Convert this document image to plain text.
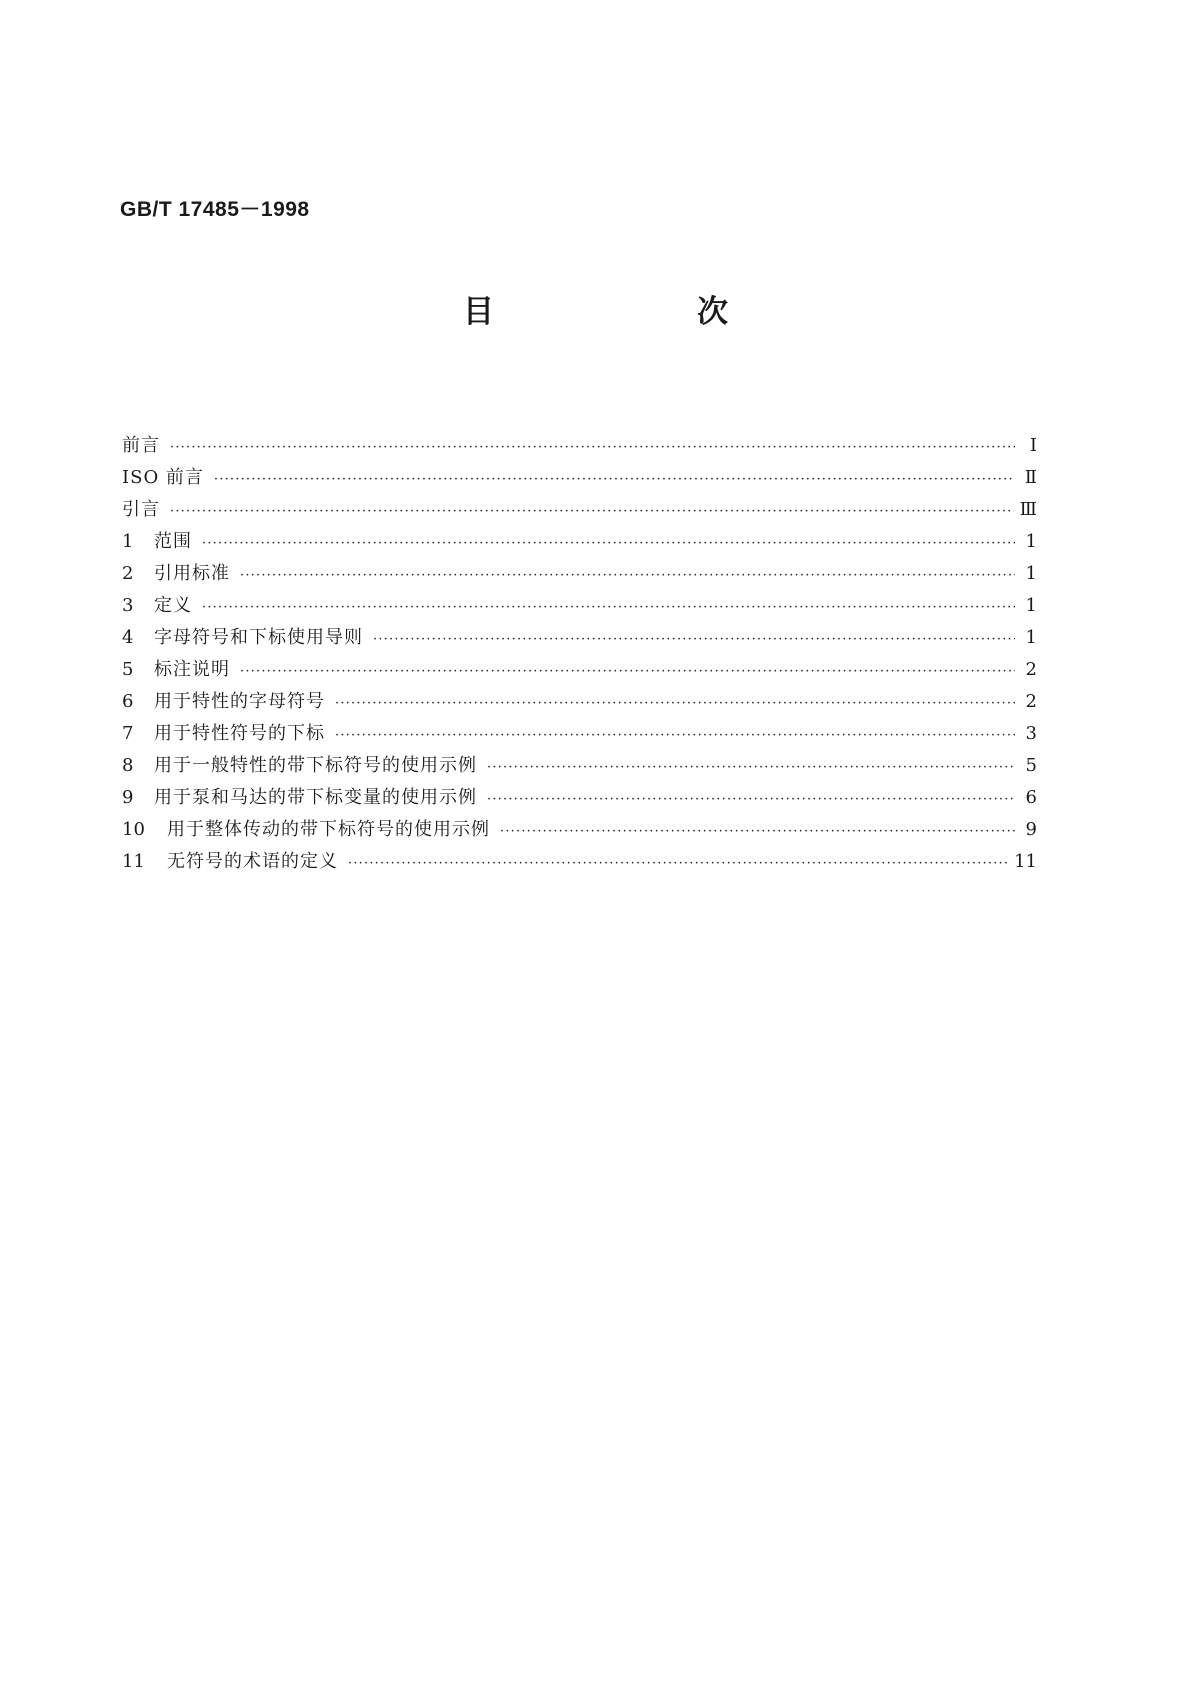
GB/T 17485－1998
目　次
前言 ·····	Ⅰ
ISO 前言 ·····	Ⅱ
引言 ·····	Ⅲ
1	范围 ·····	1
2	引用标准 ·····	1
3	定义 ·····	1
4	字母符号和下标使用导则 ·····	1
5	标注说明 ·····	2
6	用于特性的字母符号 ·····	2
7	用于特性符号的下标 ·····	3
8	用于一般特性的带下标符号的使用示例 ·····	5
9	用于泵和马达的带下标变量的使用示例 ·····	6
10	用于整体传动的带下标符号的使用示例 ·····	9
11	无符号的术语的定义 ·····	11
